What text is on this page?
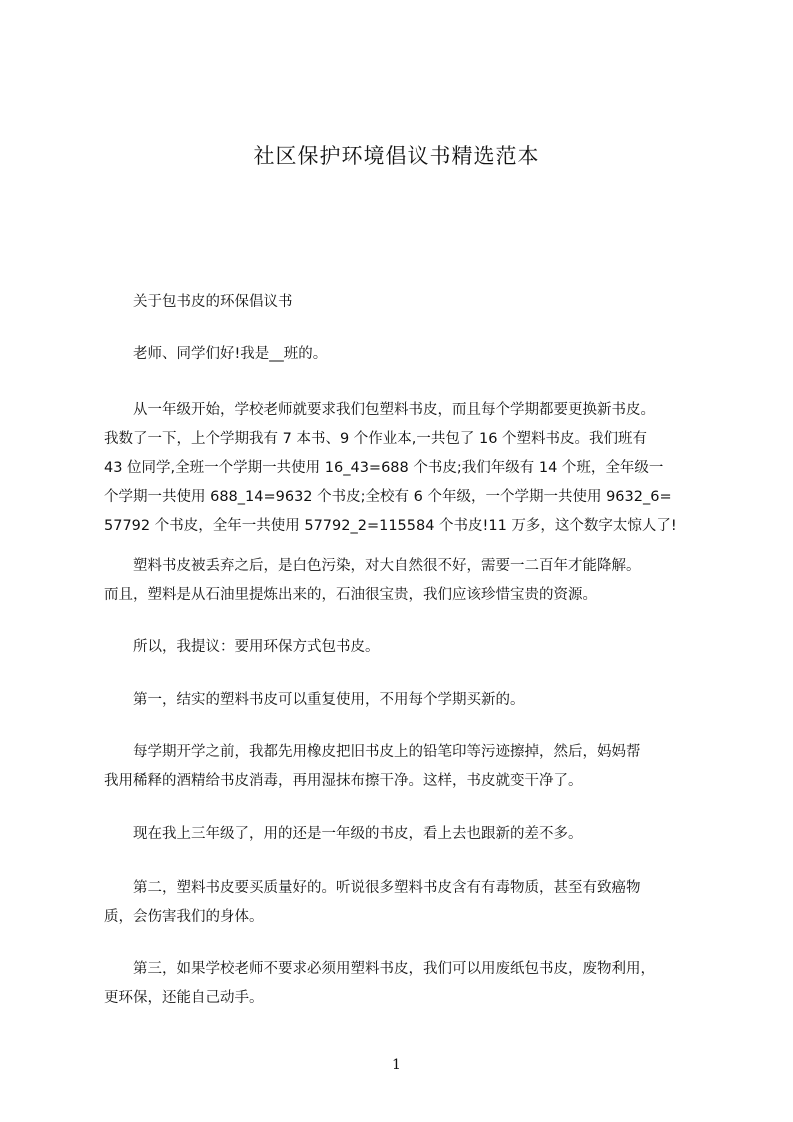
社区保护环境倡议书精选范本
　　关于包书皮的环保倡议书
　　老师、同学们好!我是__班的。
　　从一年级开始，学校老师就要求我们包塑料书皮，而且每个学期都要更换新书皮。
我数了一下，上个学期我有 7 本书、9 个作业本,一共包了 16 个塑料书皮。我们班有
43 位同学,全班一个学期一共使用 16_43=688 个书皮;我们年级有 14 个班，全年级一
个学期一共使用 688_14=9632 个书皮;全校有 6 个年级，一个学期一共使用 9632_6=
57792 个书皮，全年一共使用 57792_2=115584 个书皮!11 万多，这个数字太惊人了!
　　塑料书皮被丢弃之后，是白色污染，对大自然很不好，需要一二百年才能降解。
而且，塑料是从石油里提炼出来的，石油很宝贵，我们应该珍惜宝贵的资源。
　　所以，我提议：要用环保方式包书皮。
　　第一，结实的塑料书皮可以重复使用，不用每个学期买新的。
　　每学期开学之前，我都先用橡皮把旧书皮上的铅笔印等污迹擦掉，然后，妈妈帮
我用稀释的酒精给书皮消毒，再用湿抹布擦干净。这样，书皮就变干净了。
　　现在我上三年级了，用的还是一年级的书皮，看上去也跟新的差不多。
　　第二，塑料书皮要买质量好的。听说很多塑料书皮含有有毒物质，甚至有致癌物
质，会伤害我们的身体。
　　第三，如果学校老师不要求必须用塑料书皮，我们可以用废纸包书皮，废物利用，
更环保，还能自己动手。
1
